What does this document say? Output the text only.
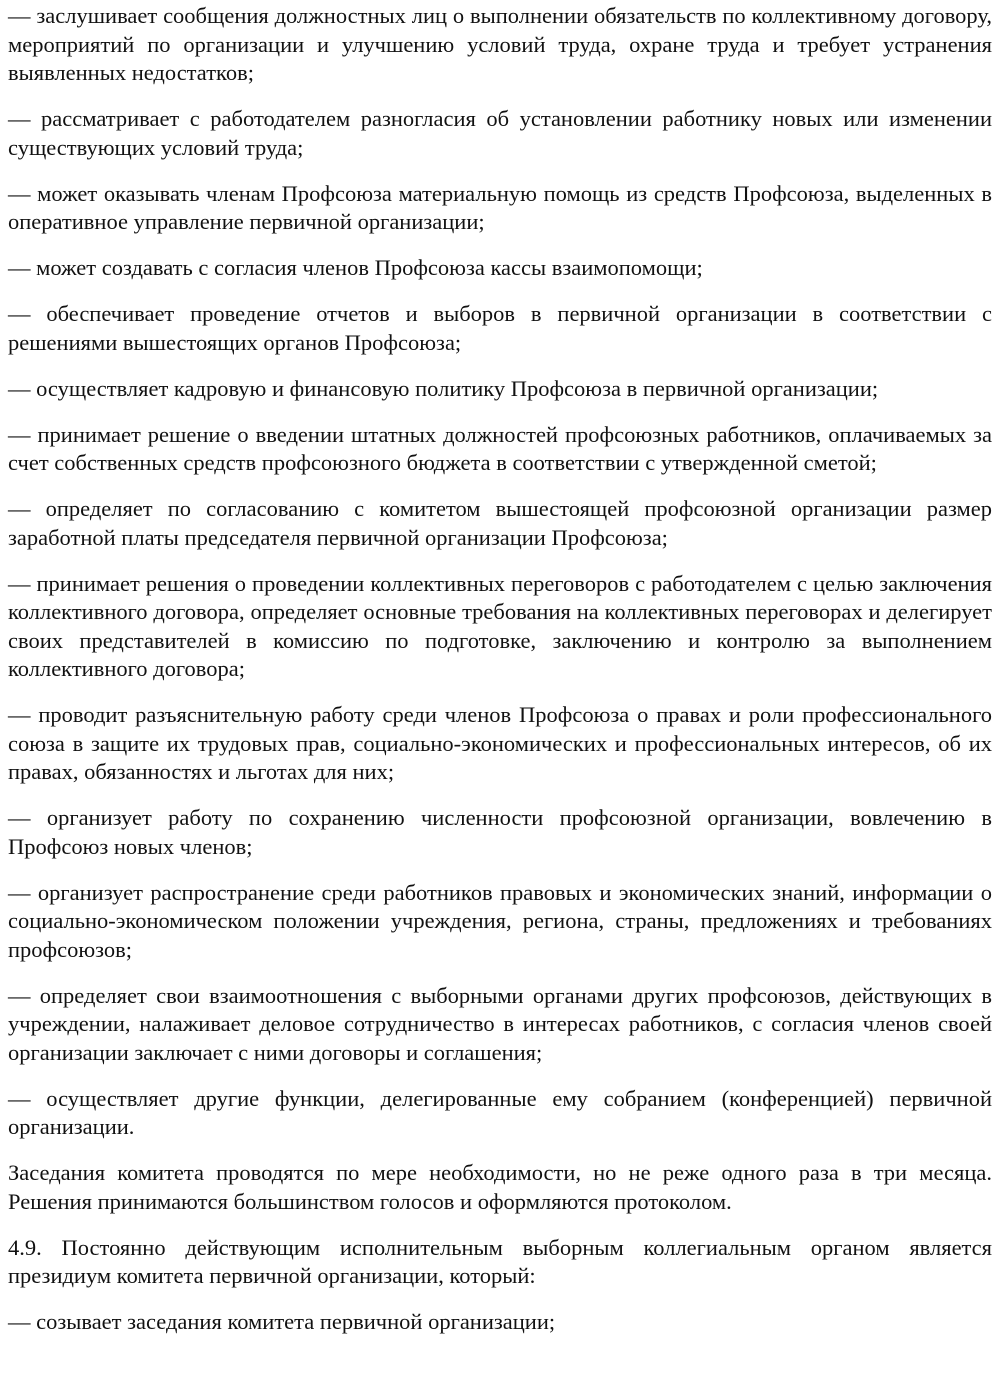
— заслушивает сообщения должностных лиц о выполнении обязательств по коллективному договору, мероприятий по организации и улучшению условий труда, охране труда и требует устранения выявленных недостатков;

— рассматривает с работодателем разногласия об установлении работнику новых или изменении существующих условий труда;

— может оказывать членам Профсоюза материальную помощь из средств Профсоюза, выделенных в оперативное управление первичной организации;

— может создавать с согласия членов Профсоюза кассы взаимопомощи;

— обеспечивает проведение отчетов и выборов в первичной организации в соответствии с решениями вышестоящих органов Профсоюза;

— осуществляет кадровую и финансовую политику Профсоюза в первичной организации;

— принимает решение о введении штатных должностей профсоюзных работников, оплачиваемых за счет собственных средств профсоюзного бюджета в соответствии с утвержденной сметой;

— определяет по согласованию с комитетом вышестоящей профсоюзной организации размер заработной платы председателя первичной организации Профсоюза;

— принимает решения о проведении коллективных переговоров с работодателем с целью заключения коллективного договора, определяет основные требования на коллективных переговорах и делегирует своих представителей в комиссию по подготовке, заключению и контролю за выполнением коллективного договора;

— проводит разъяснительную работу среди членов Профсоюза о правах и роли профессионального союза в защите их трудовых прав, социально-экономических и профессиональных интересов, об их правах, обязанностях и льготах для них;

— организует работу по сохранению численности профсоюзной организации, вовлечению в Профсоюз новых членов;

— организует распространение среди работников правовых и экономических знаний, информации о социально-экономическом положении учреждения, региона, страны, предложениях и требованиях профсоюзов;

— определяет свои взаимоотношения с выборными органами других профсоюзов, действующих в учреждении, налаживает деловое сотрудничество в интересах работников, с согласия членов своей организации заключает с ними договоры и соглашения;

— осуществляет другие функции, делегированные ему собранием (конференцией) первичной организации.

Заседания комитета проводятся по мере необходимости, но не реже одного раза в три месяца. Решения принимаются большинством голосов и оформляются протоколом.

4.9. Постоянно действующим исполнительным выборным коллегиальным органом является президиум комитета первичной организации, который:

— созывает заседания комитета первичной организации;
